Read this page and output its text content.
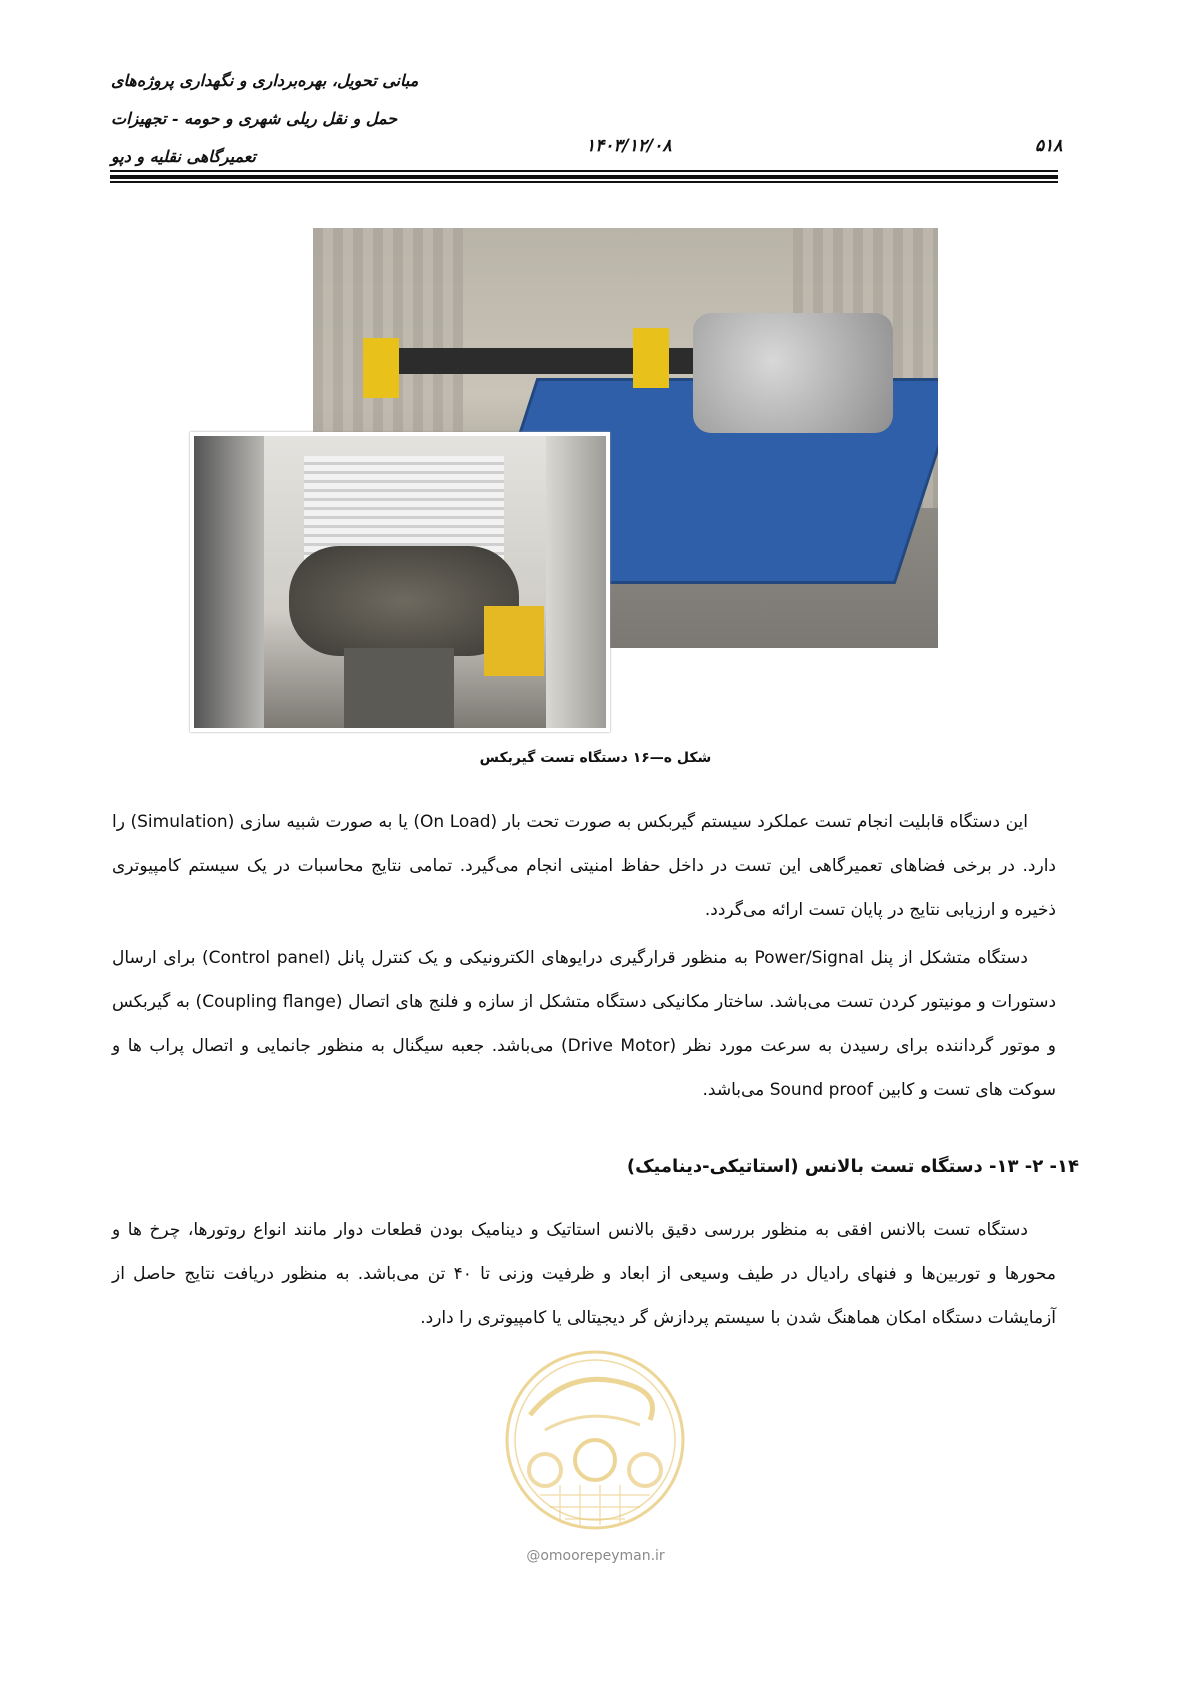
مبانی تحویل، بهره‌برداری و نگهداری پروژه‌های
حمل و نقل ریلی شهری و حومه - تجهیزات
تعمیرگاهی نقلیه و دپو
۱۴۰۳/۱۲/۰۸	۵۱۸
شکل ه—۱۶ دستگاه تست گیربکس
این دستگاه قابلیت انجام تست عملکرد سیستم گیربکس به صورت تحت بار (On Load) یا به صورت شبیه سازی (Simulation) را دارد. در برخی فضاهای تعمیرگاهی این تست در داخل حفاظ امنیتی انجام می‌گیرد. تمامی نتایج محاسبات در یک سیستم کامپیوتری ذخیره و ارزیابی نتایج در پایان تست ارائه می‌گردد.
دستگاه متشکل از پنل Power/Signal به منظور قرارگیری درایوهای الکترونیکی و یک کنترل پانل (Control panel) برای ارسال دستورات و مونیتور کردن تست می‌باشد. ساختار مکانیکی دستگاه متشکل از سازه و فلنج های اتصال (Coupling flange) به گیربکس و موتور گرداننده برای رسیدن به سرعت مورد نظر (Drive Motor) می‌باشد. جعبه سیگنال به منظور جانمایی و اتصال پراب ها و سوکت های تست و کابین Sound proof می‌باشد.
۱۴- ۲- ۱۳- دستگاه تست بالانس (استاتیکی-دینامیک)
دستگاه تست بالانس افقی به منظور بررسی دقیق بالانس استاتیک و دینامیک بودن قطعات دوار مانند انواع روتورها، چرخ ها و محورها و توربین‌ها و فنهای رادیال در طیف وسیعی از ابعاد و ظرفیت وزنی تا ۴۰ تن می‌باشد. به منظور دریافت نتایج حاصل از آزمایشات دستگاه امکان هماهنگ شدن با سیستم پردازش گر دیجیتالی یا کامپیوتری را دارد.
@omoorepeyman.ir
